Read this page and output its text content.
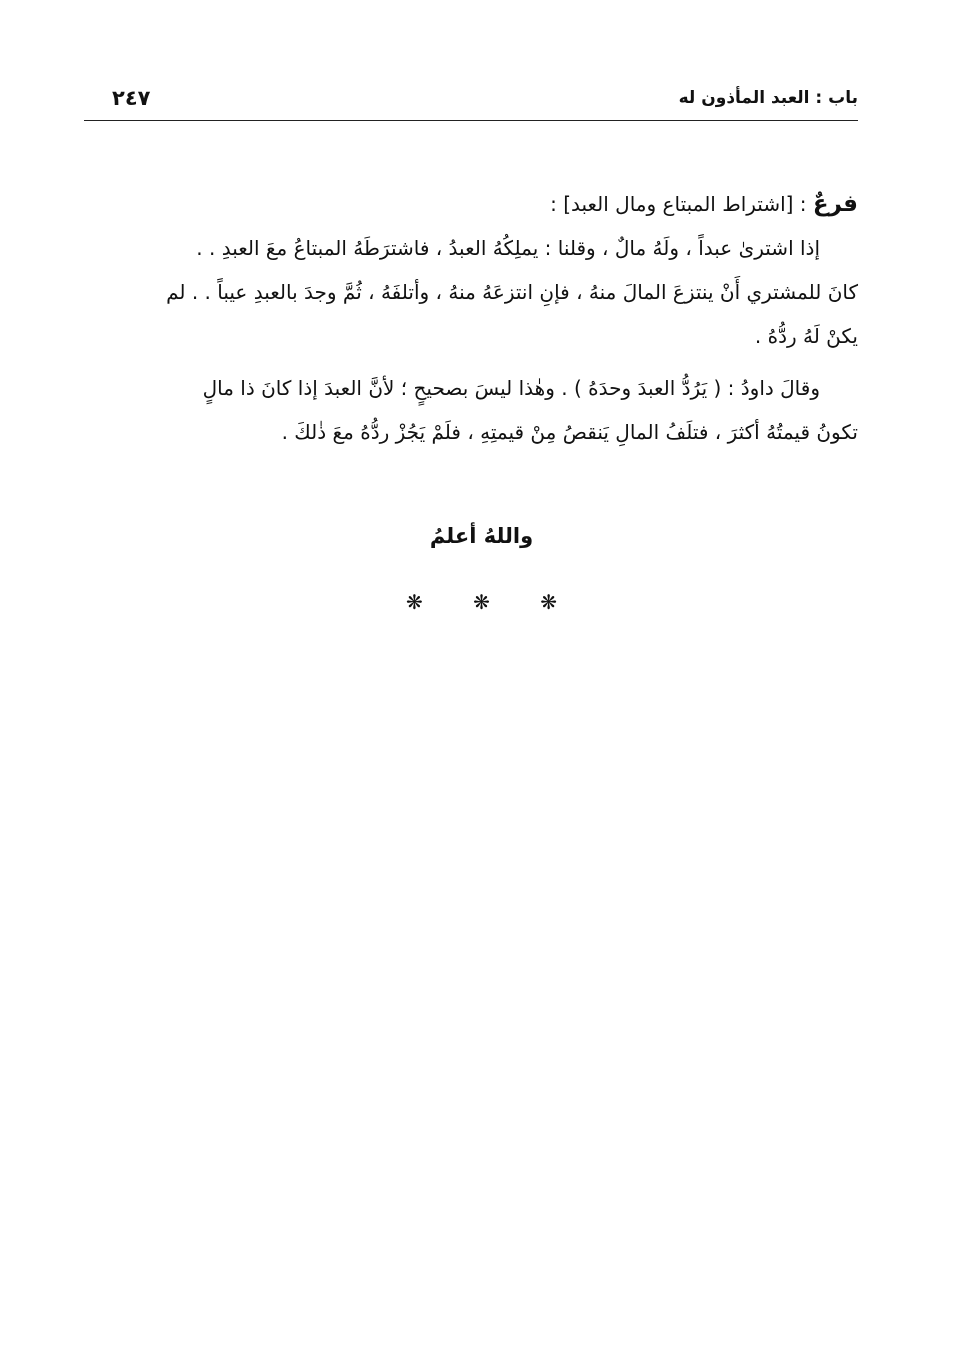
باب : العبد المأذون له
٢٤٧
فرعٌ : [اشتراط المبتاع ومال العبد] :
إذا اشترىٰ عبداً ، ولَهُ مالٌ ، وقلنا : يملِكُهُ العبدُ ، فاشترَطَهُ المبتاعُ معَ العبدِ . .
كانَ للمشتري أَنْ ينتزعَ المالَ منهُ ، فإنِ انتزعَهُ منهُ ، وأتلفَهُ ، ثُمَّ وجدَ بالعبدِ عيباً . . لم
يكنْ لَهُ ردُّهُ .
وقالَ داودُ : ( يَرُدُّ العبدَ وحدَهُ ) . وهٰذا ليسَ بصحيحٍ ؛ لأنَّ العبدَ إذا كانَ ذا مالٍ
تكونُ قيمتُهُ أكثرَ ، فتلَفُ المالِ يَنقصُ مِنْ قيمتِهِ ، فلَمْ يَجُزْ ردُّهُ معَ ذٰلكَ .
واللهُ أعلمُ
❋ ❋ ❋
